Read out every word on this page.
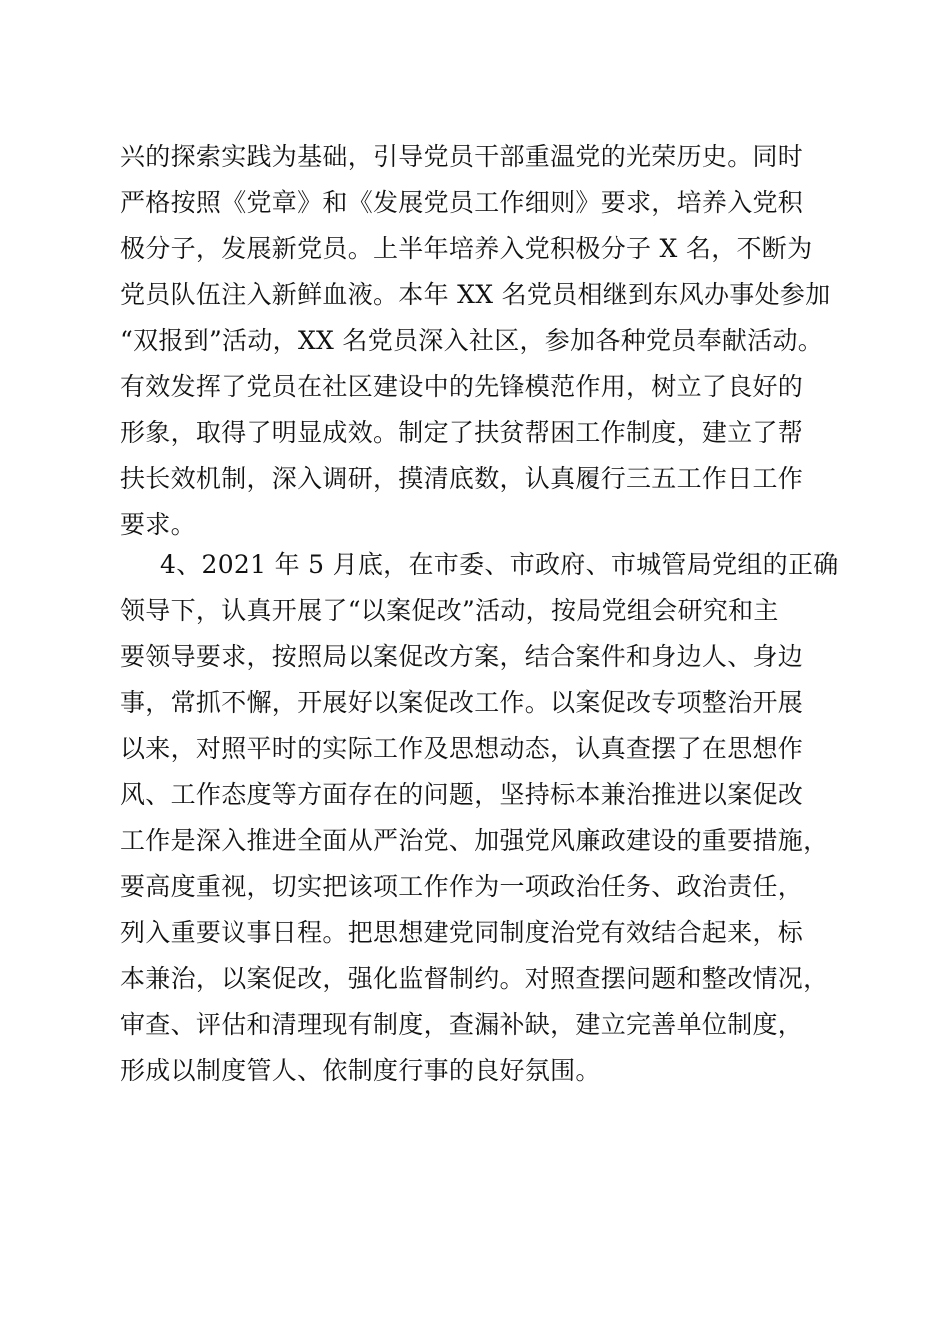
兴的探索实践为基础，引导党员干部重温党的光荣历史。同时
严格按照《党章》和《发展党员工作细则》要求，培养入党积
极分子，发展新党员。上半年培养入党积极分子 X 名，不断为
党员队伍注入新鲜血液。本年 XX 名党员相继到东风办事处参加
“双报到”活动，XX 名党员深入社区，参加各种党员奉献活动。
有效发挥了党员在社区建设中的先锋模范作用，树立了良好的
形象，取得了明显成效。制定了扶贫帮困工作制度，建立了帮
扶长效机制，深入调研，摸清底数，认真履行三五工作日工作
要求。
4、2021 年 5 月底，在市委、市政府、市城管局党组的正确
领导下，认真开展了“以案促改”活动，按局党组会研究和主
要领导要求，按照局以案促改方案，结合案件和身边人、身边
事，常抓不懈，开展好以案促改工作。以案促改专项整治开展
以来，对照平时的实际工作及思想动态，认真查摆了在思想作
风、工作态度等方面存在的问题，坚持标本兼治推进以案促改
工作是深入推进全面从严治党、加强党风廉政建设的重要措施，
要高度重视，切实把该项工作作为一项政治任务、政治责任，
列入重要议事日程。把思想建党同制度治党有效结合起来，标
本兼治，以案促改，强化监督制约。对照查摆问题和整改情况，
审查、评估和清理现有制度，查漏补缺，建立完善单位制度，
形成以制度管人、依制度行事的良好氛围。
